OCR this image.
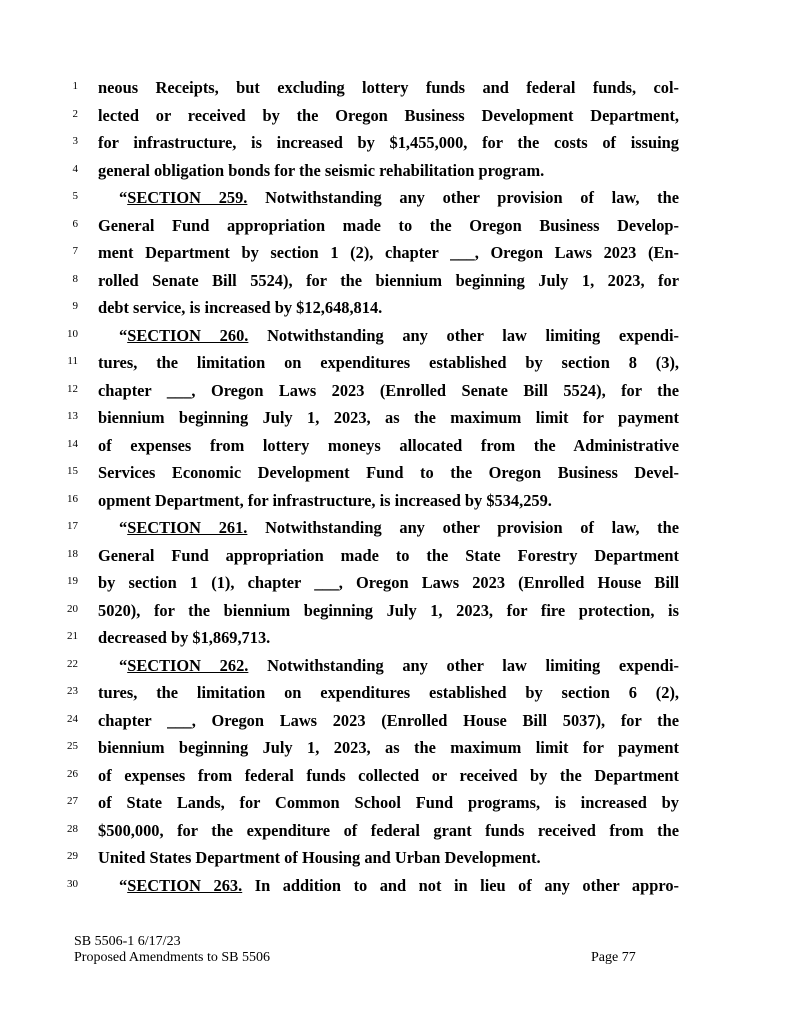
1 neous Receipts, but excluding lottery funds and federal funds, col-
2 lected or received by the Oregon Business Development Department,
3 for infrastructure, is increased by $1,455,000, for the costs of issuing
4 general obligation bonds for the seismic rehabilitation program.
5	“SECTION 259. Notwithstanding any other provision of law, the
6 General Fund appropriation made to the Oregon Business Develop-
7 ment Department by section 1 (2), chapter ___, Oregon Laws 2023 (En-
8 rolled Senate Bill 5524), for the biennium beginning July 1, 2023, for
9 debt service, is increased by $12,648,814.
10	“SECTION 260. Notwithstanding any other law limiting expendi-
11 tures, the limitation on expenditures established by section 8 (3),
12 chapter ___, Oregon Laws 2023 (Enrolled Senate Bill 5524), for the
13 biennium beginning July 1, 2023, as the maximum limit for payment
14 of expenses from lottery moneys allocated from the Administrative
15 Services Economic Development Fund to the Oregon Business Devel-
16 opment Department, for infrastructure, is increased by $534,259.
17	“SECTION 261. Notwithstanding any other provision of law, the
18 General Fund appropriation made to the State Forestry Department
19 by section 1 (1), chapter ___, Oregon Laws 2023 (Enrolled House Bill
20 5020), for the biennium beginning July 1, 2023, for fire protection, is
21 decreased by $1,869,713.
22	“SECTION 262. Notwithstanding any other law limiting expendi-
23 tures, the limitation on expenditures established by section 6 (2),
24 chapter ___, Oregon Laws 2023 (Enrolled House Bill 5037), for the
25 biennium beginning July 1, 2023, as the maximum limit for payment
26 of expenses from federal funds collected or received by the Department
27 of State Lands, for Common School Fund programs, is increased by
28 $500,000, for the expenditure of federal grant funds received from the
29 United States Department of Housing and Urban Development.
30	“SECTION 263. In addition to and not in lieu of any other appro-
SB 5506-1 6/17/23
Proposed Amendments to SB 5506	Page 77
